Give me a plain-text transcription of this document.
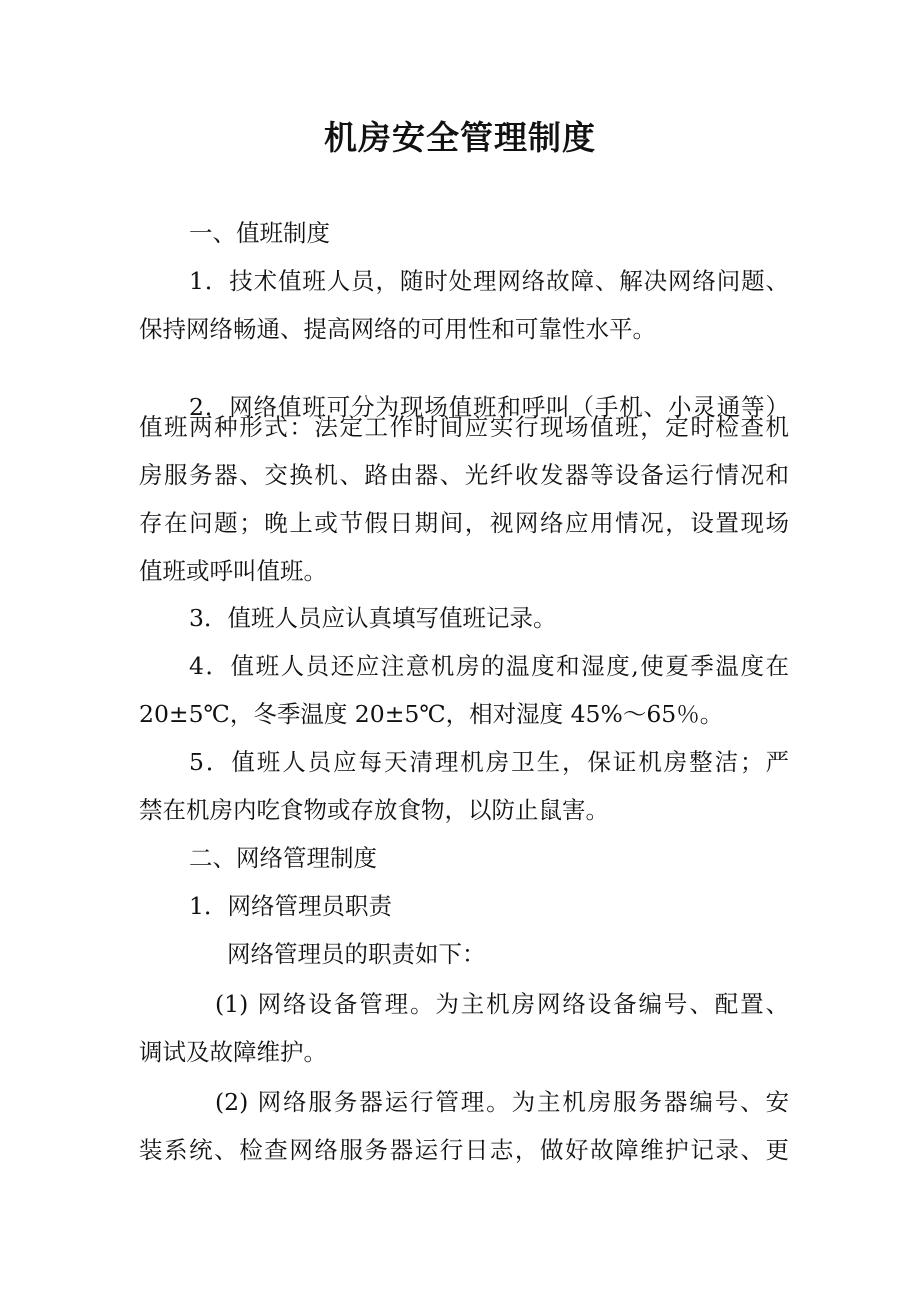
机房安全管理制度

一、值班制度

1．技术值班人员，随时处理网络故障、解决网络问题、

保持网络畅通、提高网络的可用性和可靠性水平。

2．网络值班可分为现场值班和呼叫（手机、小灵通等）

值班两种形式：法定工作时间应实行现场值班，定时检查机

房服务器、交换机、路由器、光纤收发器等设备运行情况和

存在问题；晚上或节假日期间，视网络应用情况，设置现场

值班或呼叫值班。

3．值班人员应认真填写值班记录。

4．值班人员还应注意机房的温度和湿度,使夏季温度在

20±5℃，冬季温度 20±5℃，相对湿度 45%～65％。

5．值班人员应每天清理机房卫生，保证机房整洁；严

禁在机房内吃食物或存放食物，以防止鼠害。

二、网络管理制度

1．网络管理员职责

网络管理员的职责如下：

(1) 网络设备管理。为主机房网络设备编号、配置、

调试及故障维护。

(2) 网络服务器运行管理。为主机房服务器编号、安

装系统、检查网络服务器运行日志，做好故障维护记录、更
